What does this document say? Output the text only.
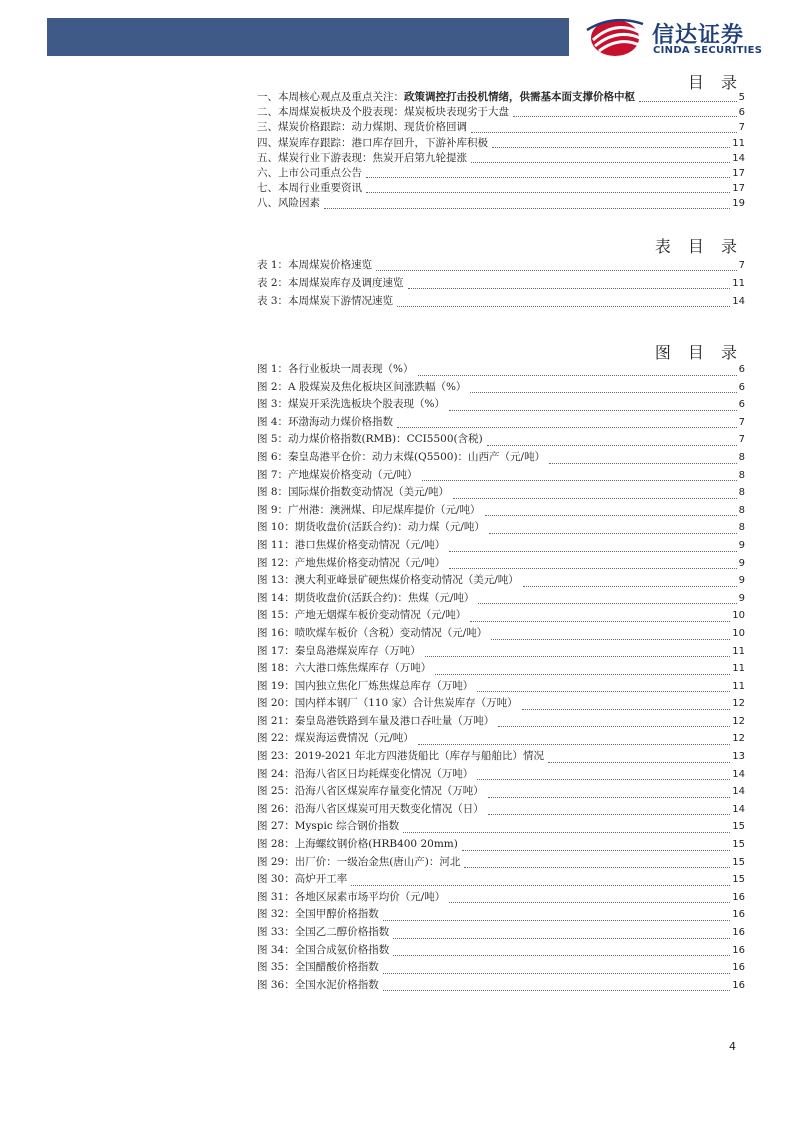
信达证券
CINDA SECURITIES
目 录
一、本周核心观点及重点关注：政策调控打击投机情绪，供需基本面支撑价格中枢	5
二、本周煤炭板块及个股表现：煤炭板块表现劣于大盘	6
三、煤炭价格跟踪：动力煤期、现货价格回调	7
四、煤炭库存跟踪：港口库存回升，下游补库积极	11
五、煤炭行业下游表现：焦炭开启第九轮提涨	14
六、上市公司重点公告	17
七、本周行业重要资讯	17
八、风险因素	19
表 目 录
表 1：本周煤炭价格速览	7
表 2：本周煤炭库存及调度速览	11
表 3：本周煤炭下游情况速览	14
图 目 录
图 1：各行业板块一周表现（%）	6
图 2：A 股煤炭及焦化板块区间涨跌幅（%）	6
图 3：煤炭开采洗选板块个股表现（%）	6
图 4：环渤海动力煤价格指数	7
图 5：动力煤价格指数(RMB)：CCI5500(含税)	7
图 6：秦皇岛港平仓价：动力末煤(Q5500)：山西产（元/吨）	8
图 7：产地煤炭价格变动（元/吨）	8
图 8：国际煤价指数变动情况（美元/吨）	8
图 9：广州港：澳洲煤、印尼煤库提价（元/吨）	8
图 10：期货收盘价(活跃合约)：动力煤（元/吨）	8
图 11：港口焦煤价格变动情况（元/吨）	9
图 12：产地焦煤价格变动情况（元/吨）	9
图 13：澳大利亚峰景矿硬焦煤价格变动情况（美元/吨）	9
图 14：期货收盘价(活跃合约)：焦煤（元/吨）	9
图 15：产地无烟煤车板价变动情况（元/吨）	10
图 16：喷吹煤车板价（含税）变动情况（元/吨）	10
图 17：秦皇岛港煤炭库存（万吨）	11
图 18：六大港口炼焦煤库存（万吨）	11
图 19：国内独立焦化厂炼焦煤总库存（万吨）	11
图 20：国内样本钢厂（110 家）合计焦炭库存（万吨）	12
图 21：秦皇岛港铁路到车量及港口吞吐量（万吨）	12
图 22：煤炭海运费情况（元/吨）	12
图 23：2019-2021 年北方四港货船比（库存与船舶比）情况	13
图 24：沿海八省区日均耗煤变化情况（万吨）	14
图 25：沿海八省区煤炭库存量变化情况（万吨）	14
图 26：沿海八省区煤炭可用天数变化情况（日）	14
图 27：Myspic 综合钢价指数	15
图 28：上海螺纹钢价格(HRB400 20mm)	15
图 29：出厂价：一级冶金焦(唐山产)：河北	15
图 30：高炉开工率	15
图 31：各地区尿素市场平均价（元/吨）	16
图 32：全国甲醇价格指数	16
图 33：全国乙二醇价格指数	16
图 34：全国合成氨价格指数	16
图 35：全国醋酸价格指数	16
图 36：全国水泥价格指数	16
4
